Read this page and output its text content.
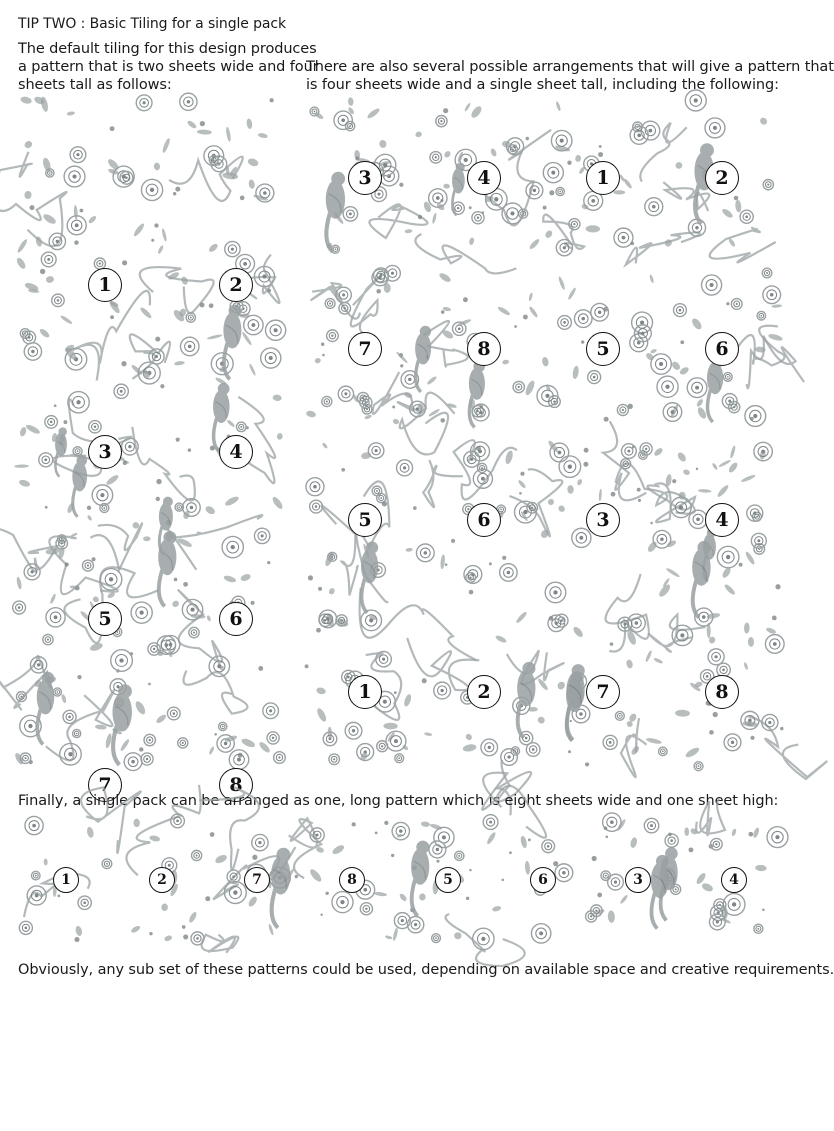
TIP TWO : Basic Tiling for a single pack
The default tiling for this design produces
a pattern that is two sheets wide and four
sheets tall as follows:
There are also several possible arrangements that will give a pattern that
is four sheets wide and a single sheet tall, including the following:
1	2
3	4
5	6
7	8
3	4	1	2
7	8	5	6
5	6	3	4
1	2	7	8
Finally, a single pack can be arranged as one, long pattern which is eight sheets wide and one sheet high:
1	2	7	8	5	6	3	4
Obviously, any sub set of these patterns could be used, depending on available space and creative requirements.
